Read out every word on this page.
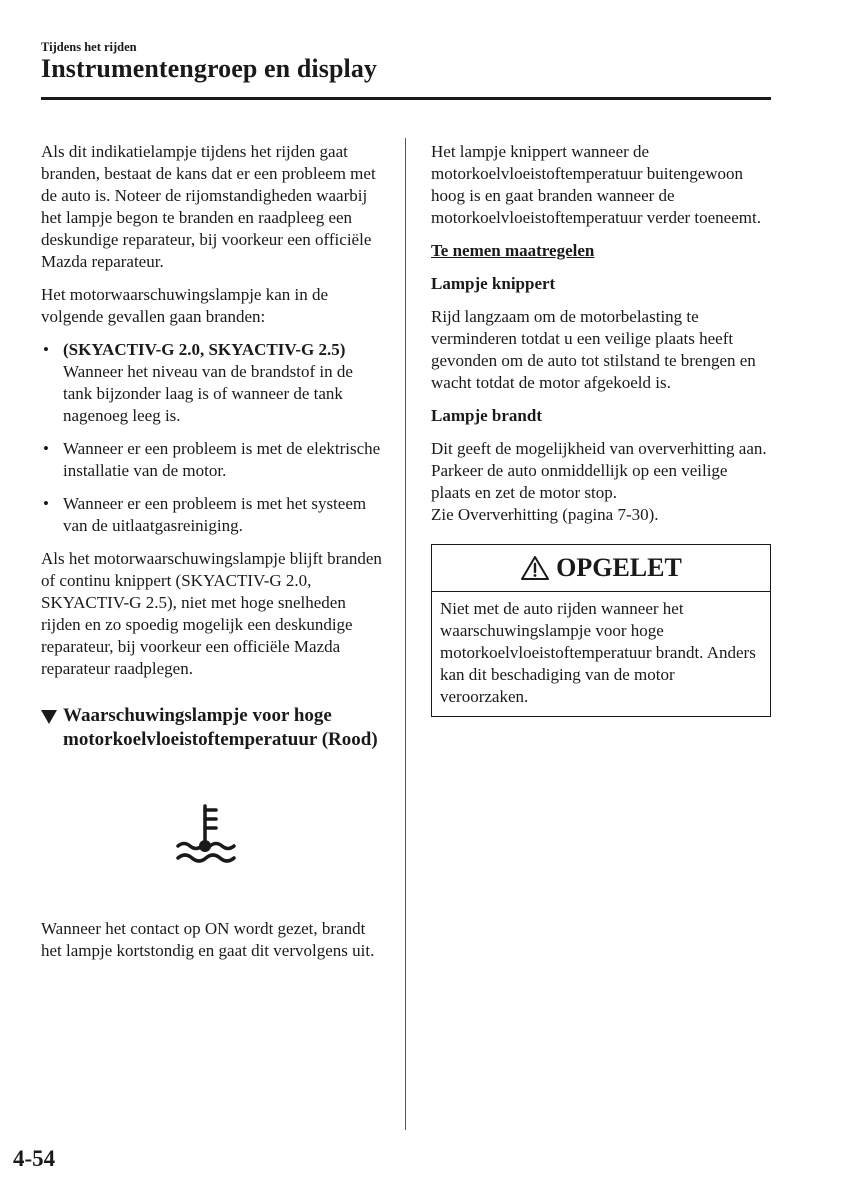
Tijdens het rijden
Instrumentengroep en display

Als dit indikatielampje tijdens het rijden gaat branden, bestaat de kans dat er een probleem met de auto is. Noteer de rijomstandigheden waarbij het lampje begon te branden en raadpleeg een deskundige reparateur, bij voorkeur een officiële Mazda reparateur.

Het motorwaarschuwingslampje kan in de volgende gevallen gaan branden:

• (SKYACTIV-G 2.0, SKYACTIV-G 2.5)
Wanneer het niveau van de brandstof in de tank bijzonder laag is of wanneer de tank nagenoeg leeg is.
• Wanneer er een probleem is met de elektrische installatie van de motor.
• Wanneer er een probleem is met het systeem van de uitlaatgasreiniging.

Als het motorwaarschuwingslampje blijft branden of continu knippert (SKYACTIV-G 2.0, SKYACTIV-G 2.5), niet met hoge snelheden rijden en zo spoedig mogelijk een deskundige reparateur, bij voorkeur een officiële Mazda reparateur raadplegen.

Waarschuwingslampje voor hoge motorkoelvloeistoftemperatuur (Rood)

Wanneer het contact op ON wordt gezet, brandt het lampje kortstondig en gaat dit vervolgens uit.

Het lampje knippert wanneer de motorkoelvloeistoftemperatuur buitengewoon hoog is en gaat branden wanneer de motorkoelvloeistoftemperatuur verder toeneemt.

Te nemen maatregelen
Lampje knippert

Rijd langzaam om de motorbelasting te verminderen totdat u een veilige plaats heeft gevonden om de auto tot stilstand te brengen en wacht totdat de motor afgekoeld is.

Lampje brandt

Dit geeft de mogelijkheid van oververhitting aan. Parkeer de auto onmiddellijk op een veilige plaats en zet de motor stop.

Zie Oververhitting (pagina 7-30).

OPGELET
Niet met de auto rijden wanneer het waarschuwingslampje voor hoge motorkoelvloeistoftemperatuur brandt. Anders kan dit beschadiging van de motor veroorzaken.
4-54
